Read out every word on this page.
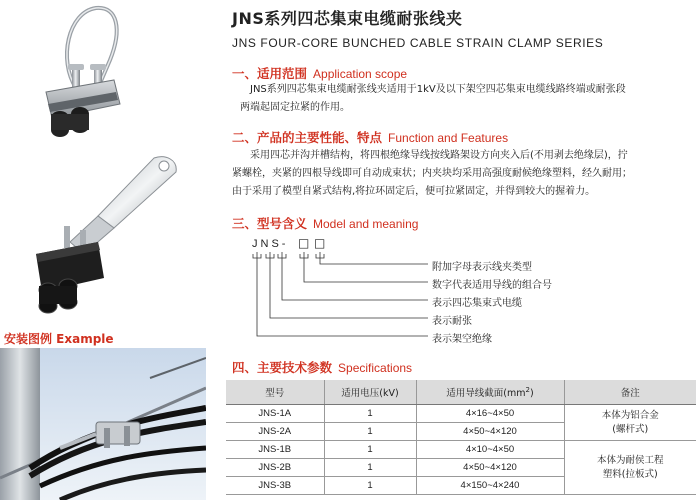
JNS系列四芯集束电缆耐张线夹
JNS FOUR-CORE BUNCHED CABLE STRAIN CLAMP SERIES
一、适用范围 Application scope
JNS系列四芯集束电缆耐张线夹适用于1kV及以下架空四芯集束电缆线路终端或耐张段
两端起固定拉紧的作用。
二、产品的主要性能、特点 Function and Features
采用四芯并沟并槽结构，将四根绝缘导线按线路架设方向夹入后(不用剥去绝缘层)，拧
紧螺栓，夹紧的四根导线即可自动成束状；内夹块均采用高强度耐候绝缘塑料，经久耐用；
由于采用了模型自紧式结构,将拉环固定后，便可拉紧固定，并得到较大的握着力。
三、型号含义 Model and meaning
JNS- □ □
附加字母表示线夹类型
数字代表适用导线的组合号
表示四芯集束式电缆
表示耐张
表示架空绝缘
安装图例 Example
四、主要技术参数 Specifications
型号	适用电压(kV)	适用导线截面$(mm^2)$	备注
JNS-1A	1	4×16~4×50	本体为铝合金
(螺杆式)

JNS-2A	1	4×50~4×120	
JNS-1B	1	4×10~4×50	本体为耐侯工程
塑料(拉板式)

JNS-2B	1	4×50~4×120	
JNS-3B	1	4×150~4×240	
